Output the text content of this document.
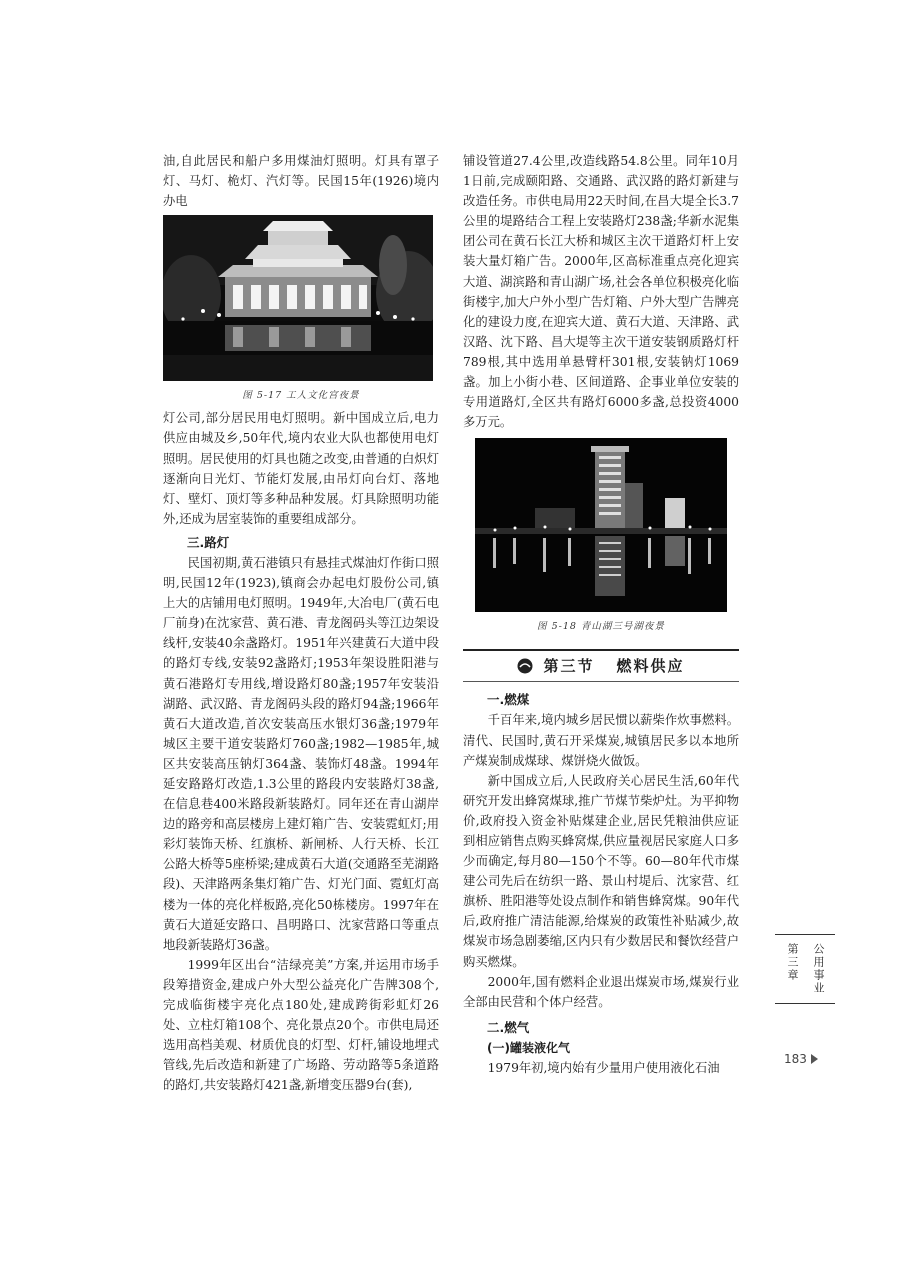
油,自此居民和船户多用煤油灯照明。灯具有罩子灯、马灯、桅灯、汽灯等。民国15年(1926)境内办电

图 5-17 工人文化宫夜景

灯公司,部分居民用电灯照明。新中国成立后,电力供应由城及乡,50年代,境内农业大队也都使用电灯照明。居民使用的灯具也随之改变,由普通的白炽灯逐渐向日光灯、节能灯发展,由吊灯向台灯、落地灯、壁灯、顶灯等多种品种发展。灯具除照明功能外,还成为居室装饰的重要组成部分。

三.路灯

民国初期,黄石港镇只有悬挂式煤油灯作街口照明,民国12年(1923),镇商会办起电灯股份公司,镇上大的店铺用电灯照明。1949年,大冶电厂(黄石电厂前身)在沈家营、黄石港、青龙阁码头等江边架设线杆,安装40余盏路灯。1951年兴建黄石大道中段的路灯专线,安装92盏路灯;1953年架设胜阳港与黄石港路灯专用线,增设路灯80盏;1957年安装沿湖路、武汉路、青龙阁码头段的路灯94盏;1966年黄石大道改造,首次安装高压水银灯36盏;1979年城区主要干道安装路灯760盏;1982—1985年,城区共安装高压钠灯364盏、装饰灯48盏。1994年延安路路灯改造,1.3公里的路段内安装路灯38盏,在信息巷400米路段新装路灯。同年还在青山湖岸边的路旁和高层楼房上建灯箱广告、安装霓虹灯;用彩灯装饰天桥、红旗桥、新闸桥、人行天桥、长江公路大桥等5座桥梁;建成黄石大道(交通路至芜湖路段)、天津路两条集灯箱广告、灯光门面、霓虹灯高楼为一体的亮化样板路,亮化50栋楼房。1997年在黄石大道延安路口、昌明路口、沈家营路口等重点地段新装路灯36盏。

1999年区出台“洁绿亮美”方案,并运用市场手段筹措资金,建成户外大型公益亮化广告牌308个,完成临街楼宇亮化点180处,建成跨街彩虹灯26处、立柱灯箱108个、亮化景点20个。市供电局还选用高档美观、材质优良的灯型、灯杆,铺设地埋式管线,先后改造和新建了广场路、劳动路等5条道路的路灯,共安装路灯421盏,新增变压器9台(套),

铺设管道27.4公里,改造线路54.8公里。同年10月1日前,完成颐阳路、交通路、武汉路的路灯新建与改造任务。市供电局用22天时间,在昌大堤全长3.7公里的堤路结合工程上安装路灯238盏;华新水泥集团公司在黄石长江大桥和城区主次干道路灯杆上安装大量灯箱广告。2000年,区高标准重点亮化迎宾大道、湖滨路和青山湖广场,社会各单位积极亮化临街楼宇,加大户外小型广告灯箱、户外大型广告牌亮化的建设力度,在迎宾大道、黄石大道、天津路、武汉路、沈下路、昌大堤等主次干道安装钢质路灯杆789根,其中选用单悬臂杆301根,安装钠灯1069盏。加上小街小巷、区间道路、企事业单位安装的专用道路灯,全区共有路灯6000多盏,总投资4000多万元。

图 5-18 青山湖三号湖夜景
第三节 燃料供应
一.燃煤

千百年来,境内城乡居民惯以薪柴作炊事燃料。清代、民国时,黄石开采煤炭,城镇居民多以本地所产煤炭制成煤球、煤饼烧火做饭。

新中国成立后,人民政府关心居民生活,60年代研究开发出蜂窝煤球,推广节煤节柴炉灶。为平抑物价,政府投入资金补贴煤建企业,居民凭粮油供应证到相应销售点购买蜂窝煤,供应量视居民家庭人口多少而确定,每月80—150个不等。60—80年代市煤建公司先后在纺织一路、景山村堤后、沈家营、红旗桥、胜阳港等处设点制作和销售蜂窝煤。90年代后,政府推广清洁能源,给煤炭的政策性补贴减少,故煤炭市场急剧萎缩,区内只有少数居民和餐饮经营户购买燃煤。

2000年,国有燃料企业退出煤炭市场,煤炭行业全部由民营和个体户经营。

二.燃气
(一)罐装液化气

1979年初,境内始有少量用户使用液化石油

第三章 公用事业
183
